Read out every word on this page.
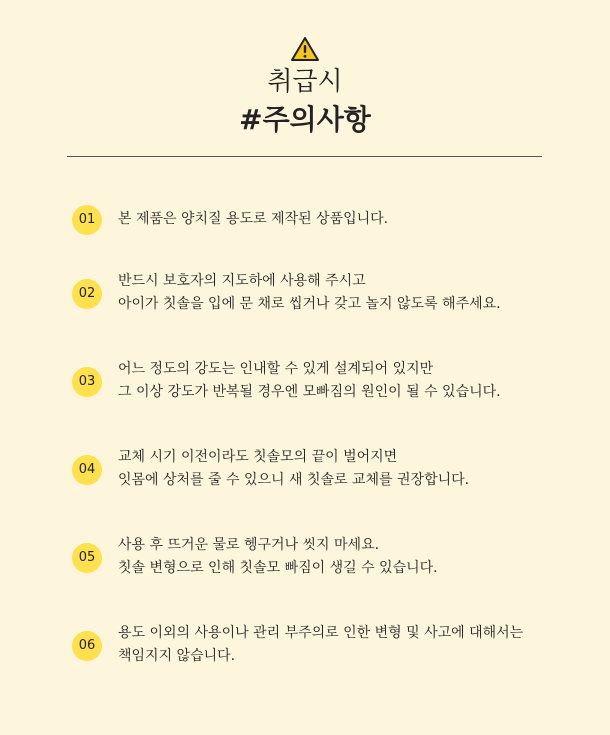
취급시
#주의사항
01	본 제품은 양치질 용도로 제작된 상품입니다.
02
반드시 보호자의 지도하에 사용해 주시고
아이가 칫솔을 입에 문 채로 씹거나 갖고 놀지 않도록 해주세요.
03
어느 정도의 강도는 인내할 수 있게 설계되어 있지만
그 이상 강도가 반복될 경우엔 모빠짐의 원인이 될 수 있습니다.
04
교체 시기 이전이라도 칫솔모의 끝이 벌어지면
잇몸에 상처를 줄 수 있으니 새 칫솔로 교체를 권장합니다.
05
사용 후 뜨거운 물로 헹구거나 씻지 마세요.
칫솔 변형으로 인해 칫솔모 빠짐이 생길 수 있습니다.
06
용도 이외의 사용이나 관리 부주의로 인한 변형 및 사고에 대해서는
책임지지 않습니다.
